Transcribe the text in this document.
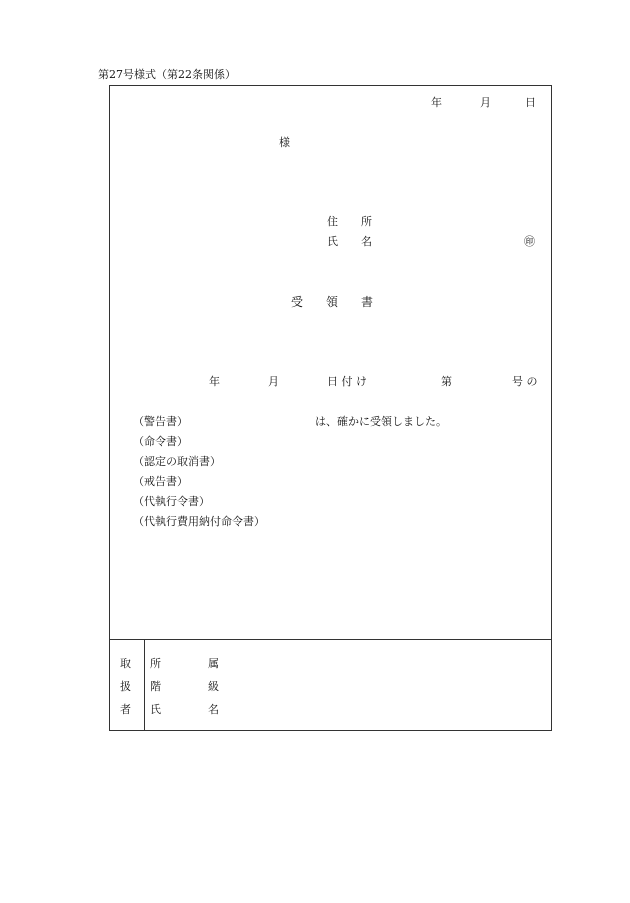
第27号様式（第22条関係）
年	月	日
様
住 所
氏 名	㊞
受 領 書
年	月	日 付 け	第	号 の
（警告書）	は、確かに受領しました。
（命令書）
（認定の取消書）
（戒告書）
（代執行令書）
（代執行費用納付命令書）
取
扱
者
所	属
階	級
氏	名
